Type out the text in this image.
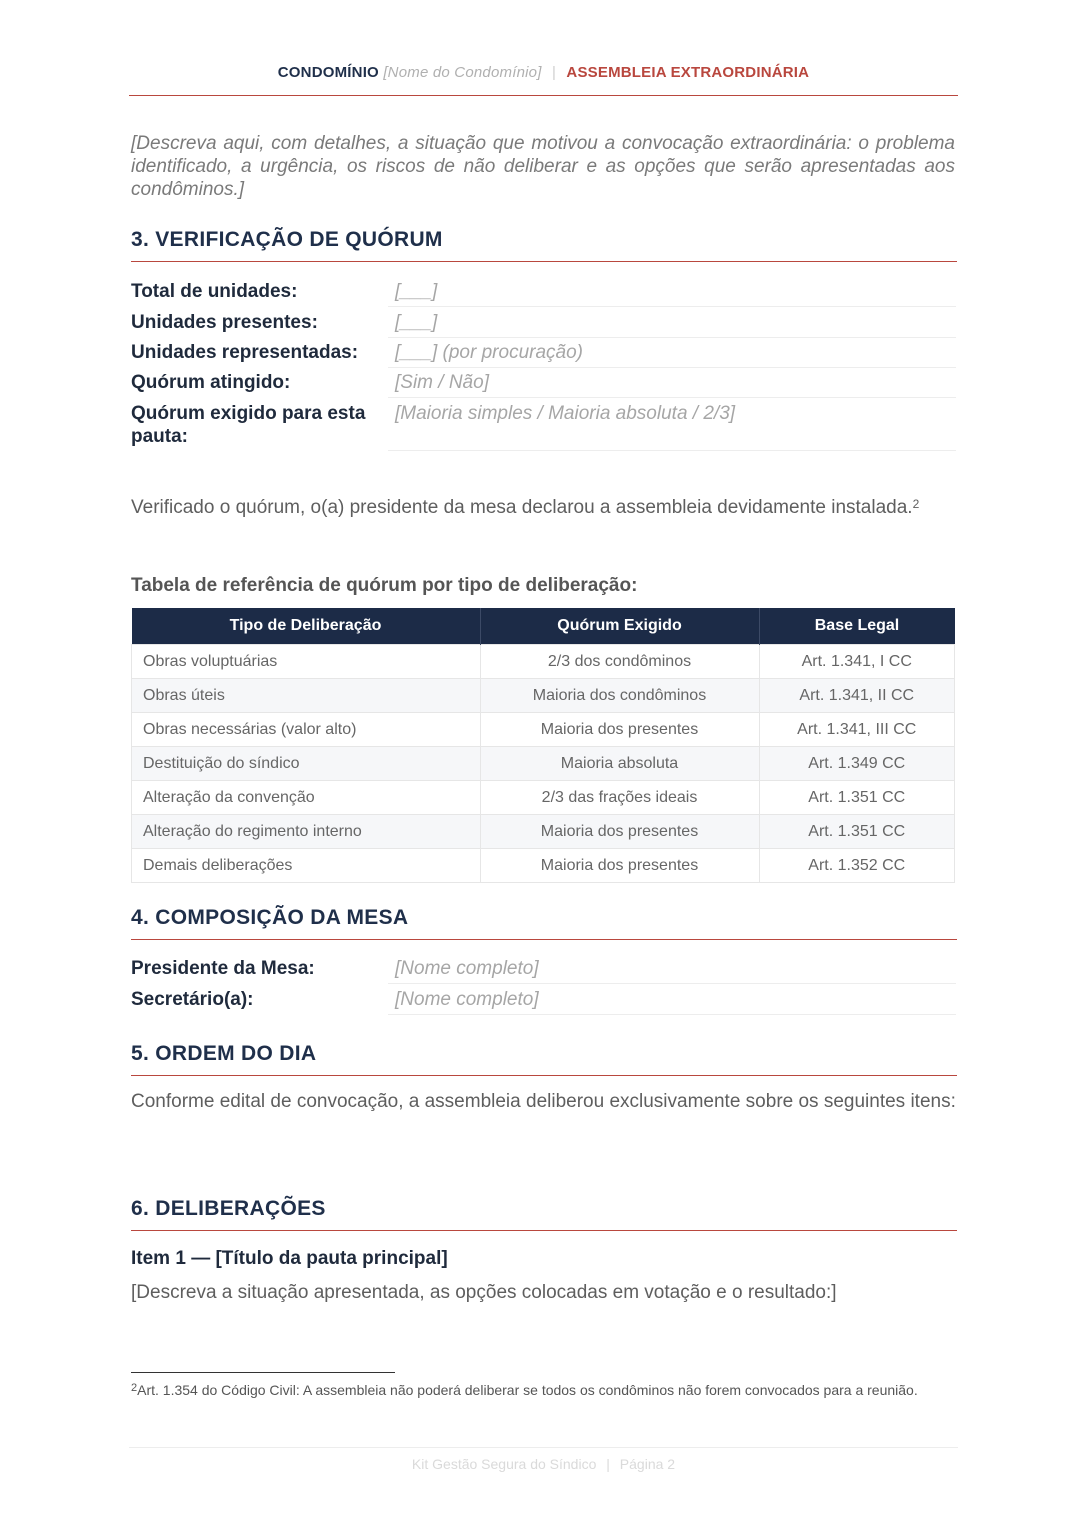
CONDOMÍNIO [Nome do Condomínio] | ASSEMBLEIA EXTRAORDINÁRIA
[Descreva aqui, com detalhes, a situação que motivou a convocação extraordinária: o problema identificado, a urgência, os riscos de não deliberar e as opções que serão apresentadas aos condôminos.]
3. VERIFICAÇÃO DE QUÓRUM
Total de unidades:	[___]
Unidades presentes:	[___]
Unidades representadas:	[___] (por procuração)
Quórum atingido:	[Sim / Não]
Quórum exigido para esta pauta:
[Maioria simples / Maioria absoluta / 2/3]
Verificado o quórum, o(a) presidente da mesa declarou a assembleia devidamente instalada.$^2$
Tabela de referência de quórum por tipo de deliberação:
Tipo de Deliberação	Quórum Exigido	Base Legal
Obras voluptuárias	2/3 dos condôminos	Art. 1.341, I CC
Obras úteis	Maioria dos condôminos	Art. 1.341, II CC
Obras necessárias (valor alto)	Maioria dos presentes	Art. 1.341, III CC
Destituição do síndico	Maioria absoluta	Art. 1.349 CC
Alteração da convenção	2/3 das frações ideais	Art. 1.351 CC
Alteração do regimento interno	Maioria dos presentes	Art. 1.351 CC
Demais deliberações	Maioria dos presentes	Art. 1.352 CC
4. COMPOSIÇÃO DA MESA
Presidente da Mesa:	[Nome completo]
Secretário(a):	[Nome completo]
5. ORDEM DO DIA
Conforme edital de convocação, a assembleia deliberou exclusivamente sobre os seguintes itens:
6. DELIBERAÇÕES
Item 1 — [Título da pauta principal]
[Descreva a situação apresentada, as opções colocadas em votação e o resultado:]
$^2$Art. 1.354 do Código Civil: A assembleia não poderá deliberar se todos os condôminos não forem convocados para a reunião.
Kit Gestão Segura do Síndico | Página 2
